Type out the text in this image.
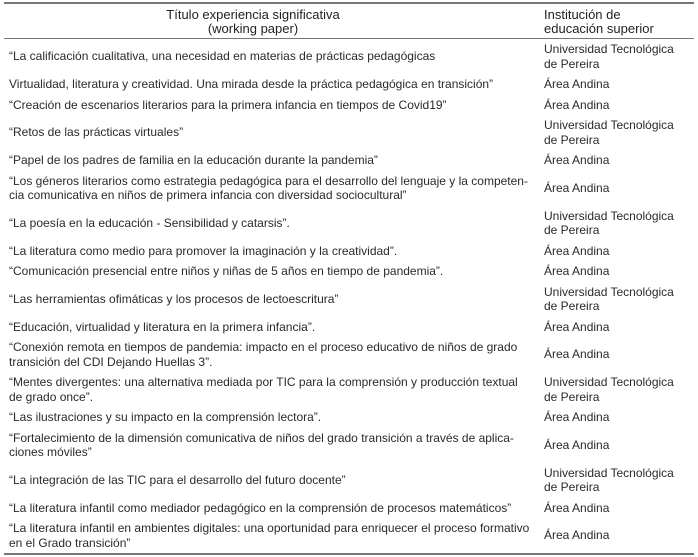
Título experiencia significativa
(working paper)	Institución de
educación superior

“La calificación cualitativa, una necesidad en materias de prácticas pedagógicas	Universidad Tecnológica
de Pereira

Virtualidad, literatura y creatividad. Una mirada desde la práctica pedagógica en transición”	Área Andina

“Creación de escenarios literarios para la primera infancia en tiempos de Covid19”	Área Andina

“Retos de las prácticas virtuales”	Universidad Tecnológica
de Pereira

“Papel de los padres de familia en la educación durante la pandemia”	Área Andina

“Los géneros literarios como estrategia pedagógica para el desarrollo del lenguaje y la competen-
cia comunicativa en niños de primera infancia con diversidad sociocultural”	Área Andina

“La poesía en la educación - Sensibilidad y catarsis”.	Universidad Tecnológica
de Pereira

“La literatura como medio para promover la imaginación y la creatividad”.	Área Andina

“Comunicación presencial entre niños y niñas de 5 años en tiempo de pandemia”.	Área Andina

“Las herramientas ofimáticas y los procesos de lectoescritura”	Universidad Tecnológica
de Pereira

“Educación, virtualidad y literatura en la primera infancia”.	Área Andina

“Conexión remota en tiempos de pandemia: impacto en el proceso educativo de niños de grado
transición del CDI Dejando Huellas 3”.	Área Andina

“Mentes divergentes: una alternativa mediada por TIC para la comprensión y producción textual
de grado once”.	Universidad Tecnológica
de Pereira

“Las ilustraciones y su impacto en la comprensión lectora”.	Área Andina

“Fortalecimiento de la dimensión comunicativa de niños del grado transición a través de aplica-
ciones móviles”	Área Andina

“La integración de las TIC para el desarrollo del futuro docente”	Universidad Tecnológica
de Pereira

“La literatura infantil como mediador pedagógico en la comprensión de procesos matemáticos”	Área Andina

“La literatura infantil en ambientes digitales: una oportunidad para enriquecer el proceso formativo
en el Grado transición”	Área Andina
